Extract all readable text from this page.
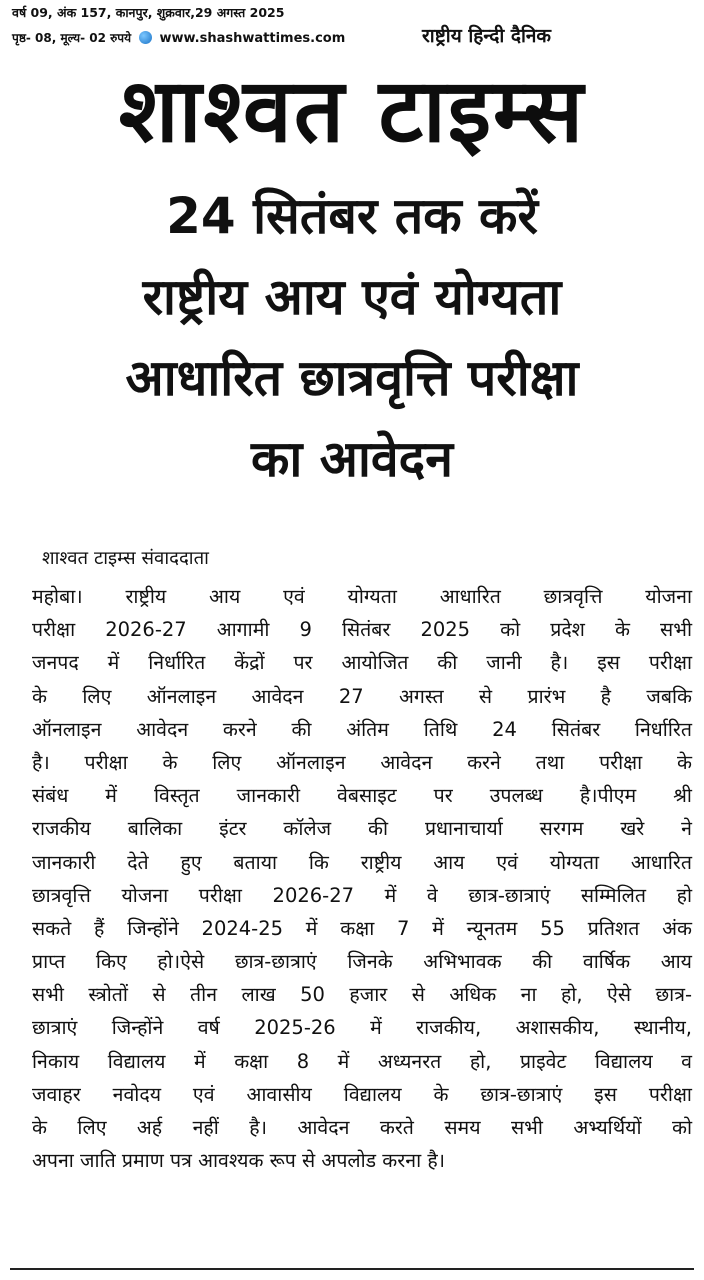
वर्ष 09, अंक 157, कानपुर, शुक्रवार,29 अगस्त 2025
पृष्ठ- 08, मूल्य- 02 रुपये www.shashwattimes.com	राष्ट्रीय हिन्दी दैनिक
शाश्वत टाइम्स
24 सितंबर तक करें
राष्ट्रीय आय एवं योग्यता
आधारित छात्रवृत्ति परीक्षा
का आवेदन
शाश्वत टाइम्स संवाददाता
महोबा। राष्ट्रीय आय एवं योग्यता आधारित छात्रवृत्ति योजना
परीक्षा 2026-27 आगामी 9 सितंबर 2025 को प्रदेश के सभी
जनपद में निर्धारित केंद्रों पर आयोजित की जानी है। इस परीक्षा
के लिए ऑनलाइन आवेदन 27 अगस्त से प्रारंभ है जबकि
ऑनलाइन आवेदन करने की अंतिम तिथि 24 सितंबर निर्धारित
है। परीक्षा के लिए ऑनलाइन आवेदन करने तथा परीक्षा के
संबंध में विस्तृत जानकारी वेबसाइट पर उपलब्ध है।पीएम श्री
राजकीय बालिका इंटर कॉलेज की प्रधानाचार्या सरगम खरे ने
जानकारी देते हुए बताया कि राष्ट्रीय आय एवं योग्यता आधारित
छात्रवृत्ति योजना परीक्षा 2026-27 में वे छात्र-छात्राएं सम्मिलित हो
सकते हैं जिन्होंने 2024-25 में कक्षा 7 में न्यूनतम 55 प्रतिशत अंक
प्राप्त किए हो।ऐसे छात्र-छात्राएं जिनके अभिभावक की वार्षिक आय
सभी स्त्रोतों से तीन लाख 50 हजार से अधिक ना हो, ऐसे छात्र-
छात्राएं जिन्होंने वर्ष 2025-26 में राजकीय, अशासकीय, स्थानीय,
निकाय विद्यालय में कक्षा 8 में अध्यनरत हो, प्राइवेट विद्यालय व
जवाहर नवोदय एवं आवासीय विद्यालय के छात्र-छात्राएं इस परीक्षा
के लिए अर्ह नहीं है। आवेदन करते समय सभी अभ्यर्थियों को
अपना जाति प्रमाण पत्र आवश्यक रूप से अपलोड करना है।
